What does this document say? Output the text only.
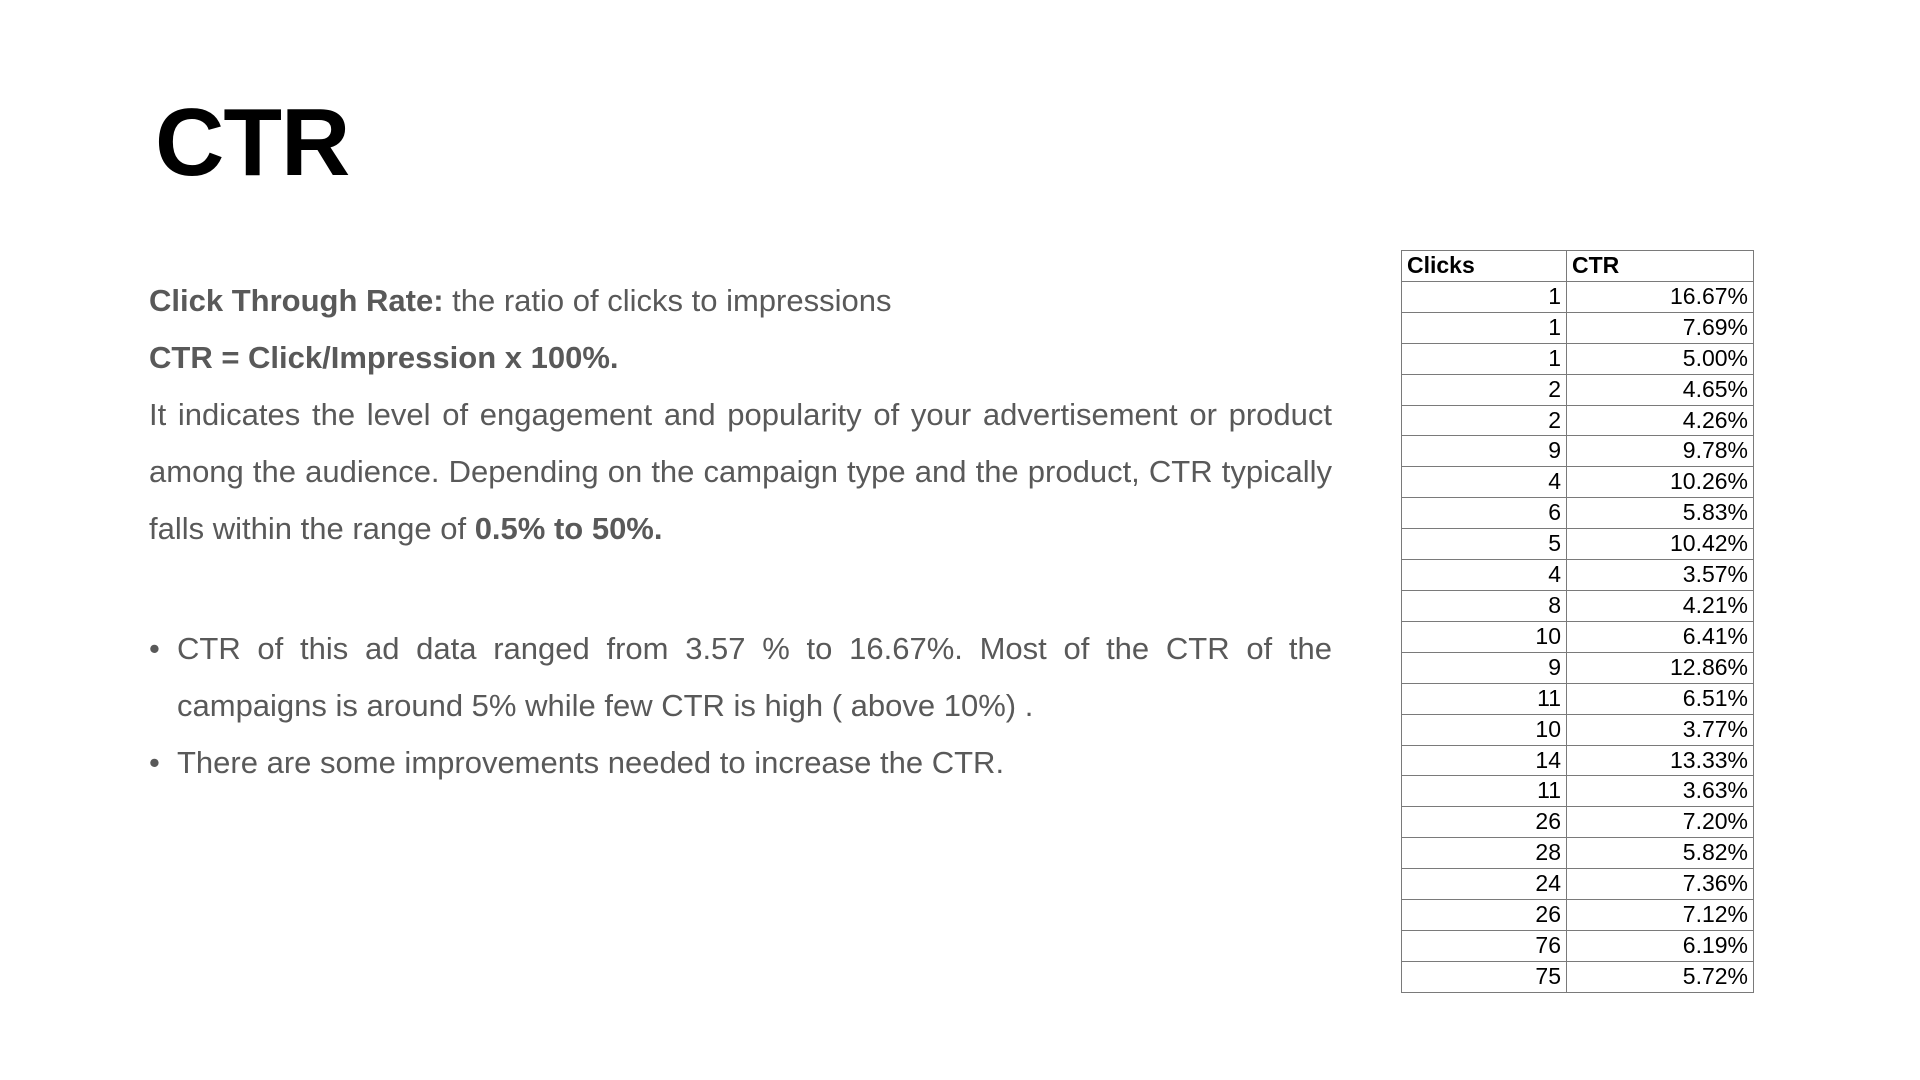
CTR

Click Through Rate: the ratio of clicks to impressions

CTR = Click/Impression x 100%.

It indicates the level of engagement and popularity of your advertisement or product among the audience. Depending on the campaign type and the product, CTR typically falls within the range of 0.5% to 50%.

• CTR of this ad data ranged from 3.57 % to 16.67%. Most of the CTR of the campaigns is around 5% while few CTR is high ( above 10%) .
• There are some improvements needed to increase the CTR.
Clicks	CTR
1	16.67%
1	7.69%
1	5.00%
2	4.65%
2	4.26%
9	9.78%
4	10.26%
6	5.83%
5	10.42%
4	3.57%
8	4.21%
10	6.41%
9	12.86%
11	6.51%
10	3.77%
14	13.33%
11	3.63%
26	7.20%
28	5.82%
24	7.36%
26	7.12%
76	6.19%
75	5.72%
